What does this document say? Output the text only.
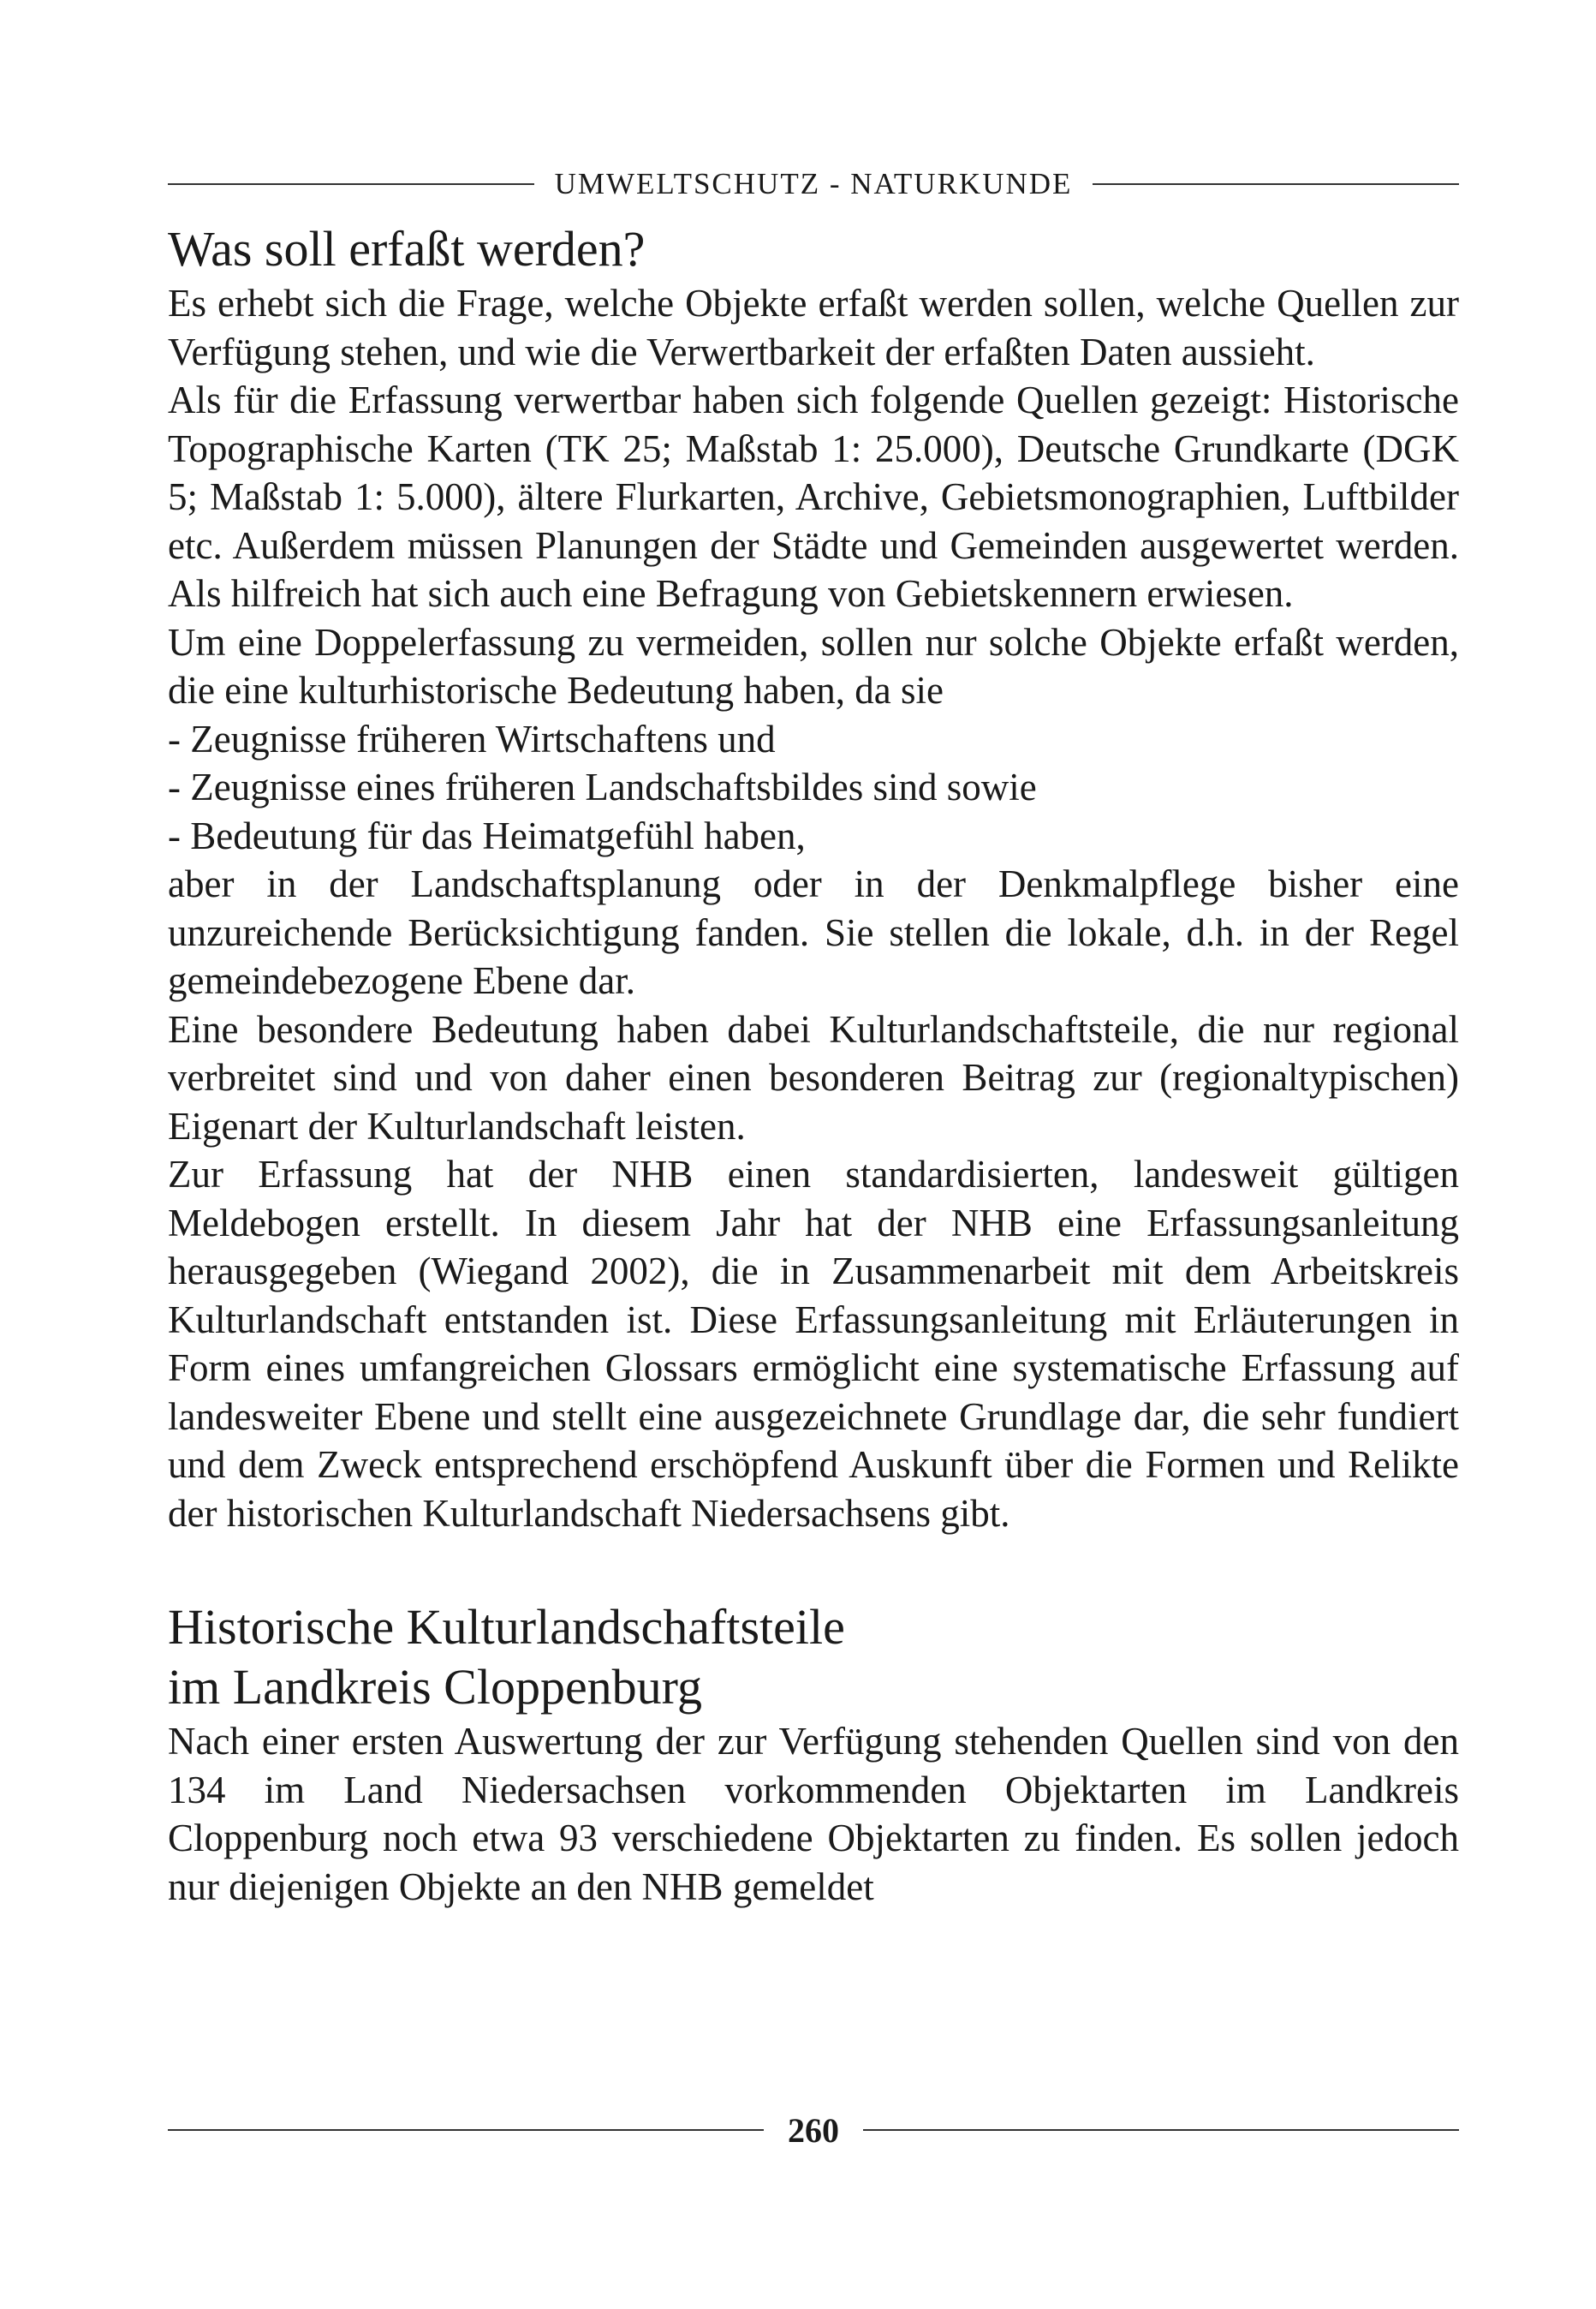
UMWELTSCHUTZ - NATURKUNDE
Was soll erfaßt werden?

Es erhebt sich die Frage, welche Objekte erfaßt werden sollen, welche Quellen zur Verfügung stehen, und wie die Verwertbarkeit der erfaßten Daten aussieht.

Als für die Erfassung verwertbar haben sich folgende Quellen gezeigt: Historische Topographische Karten (TK 25; Maßstab 1: 25.000), Deutsche Grundkarte (DGK 5; Maßstab 1: 5.000), ältere Flurkarten, Archive, Gebietsmonographien, Luftbilder etc. Außerdem müssen Planungen der Städte und Gemeinden ausgewertet werden. Als hilfreich hat sich auch eine Befragung von Gebietskennern erwiesen.

Um eine Doppelerfassung zu vermeiden, sollen nur solche Objekte erfaßt werden, die eine kulturhistorische Bedeutung haben, da sie

- Zeugnisse früheren Wirtschaftens und
- Zeugnisse eines früheren Landschaftsbildes sind sowie
- Bedeutung für das Heimatgefühl haben,

aber in der Landschaftsplanung oder in der Denkmalpflege bisher eine unzureichende Berücksichtigung fanden. Sie stellen die lokale, d.h. in der Regel gemeindebezogene Ebene dar.

Eine besondere Bedeutung haben dabei Kulturlandschaftsteile, die nur regional verbreitet sind und von daher einen besonderen Beitrag zur (regionaltypischen) Eigenart der Kulturlandschaft leisten.

Zur Erfassung hat der NHB einen standardisierten, landesweit gültigen Meldebogen erstellt. In diesem Jahr hat der NHB eine Erfassungsanleitung herausgegeben (Wiegand 2002), die in Zusammenarbeit mit dem Arbeitskreis Kulturlandschaft entstanden ist. Diese Erfassungsanleitung mit Erläuterungen in Form eines umfangreichen Glossars ermöglicht eine systematische Erfassung auf landesweiter Ebene und stellt eine ausgezeichnete Grundlage dar, die sehr fundiert und dem Zweck entsprechend erschöpfend Auskunft über die Formen und Relikte der historischen Kulturlandschaft Niedersachsens gibt.

Historische Kulturlandschaftsteile
im Landkreis Cloppenburg

Nach einer ersten Auswertung der zur Verfügung stehenden Quellen sind von den 134 im Land Niedersachsen vorkommenden Objektarten im Landkreis Cloppenburg noch etwa 93 verschiedene Objektarten zu finden. Es sollen jedoch nur diejenigen Objekte an den NHB gemeldet

260
